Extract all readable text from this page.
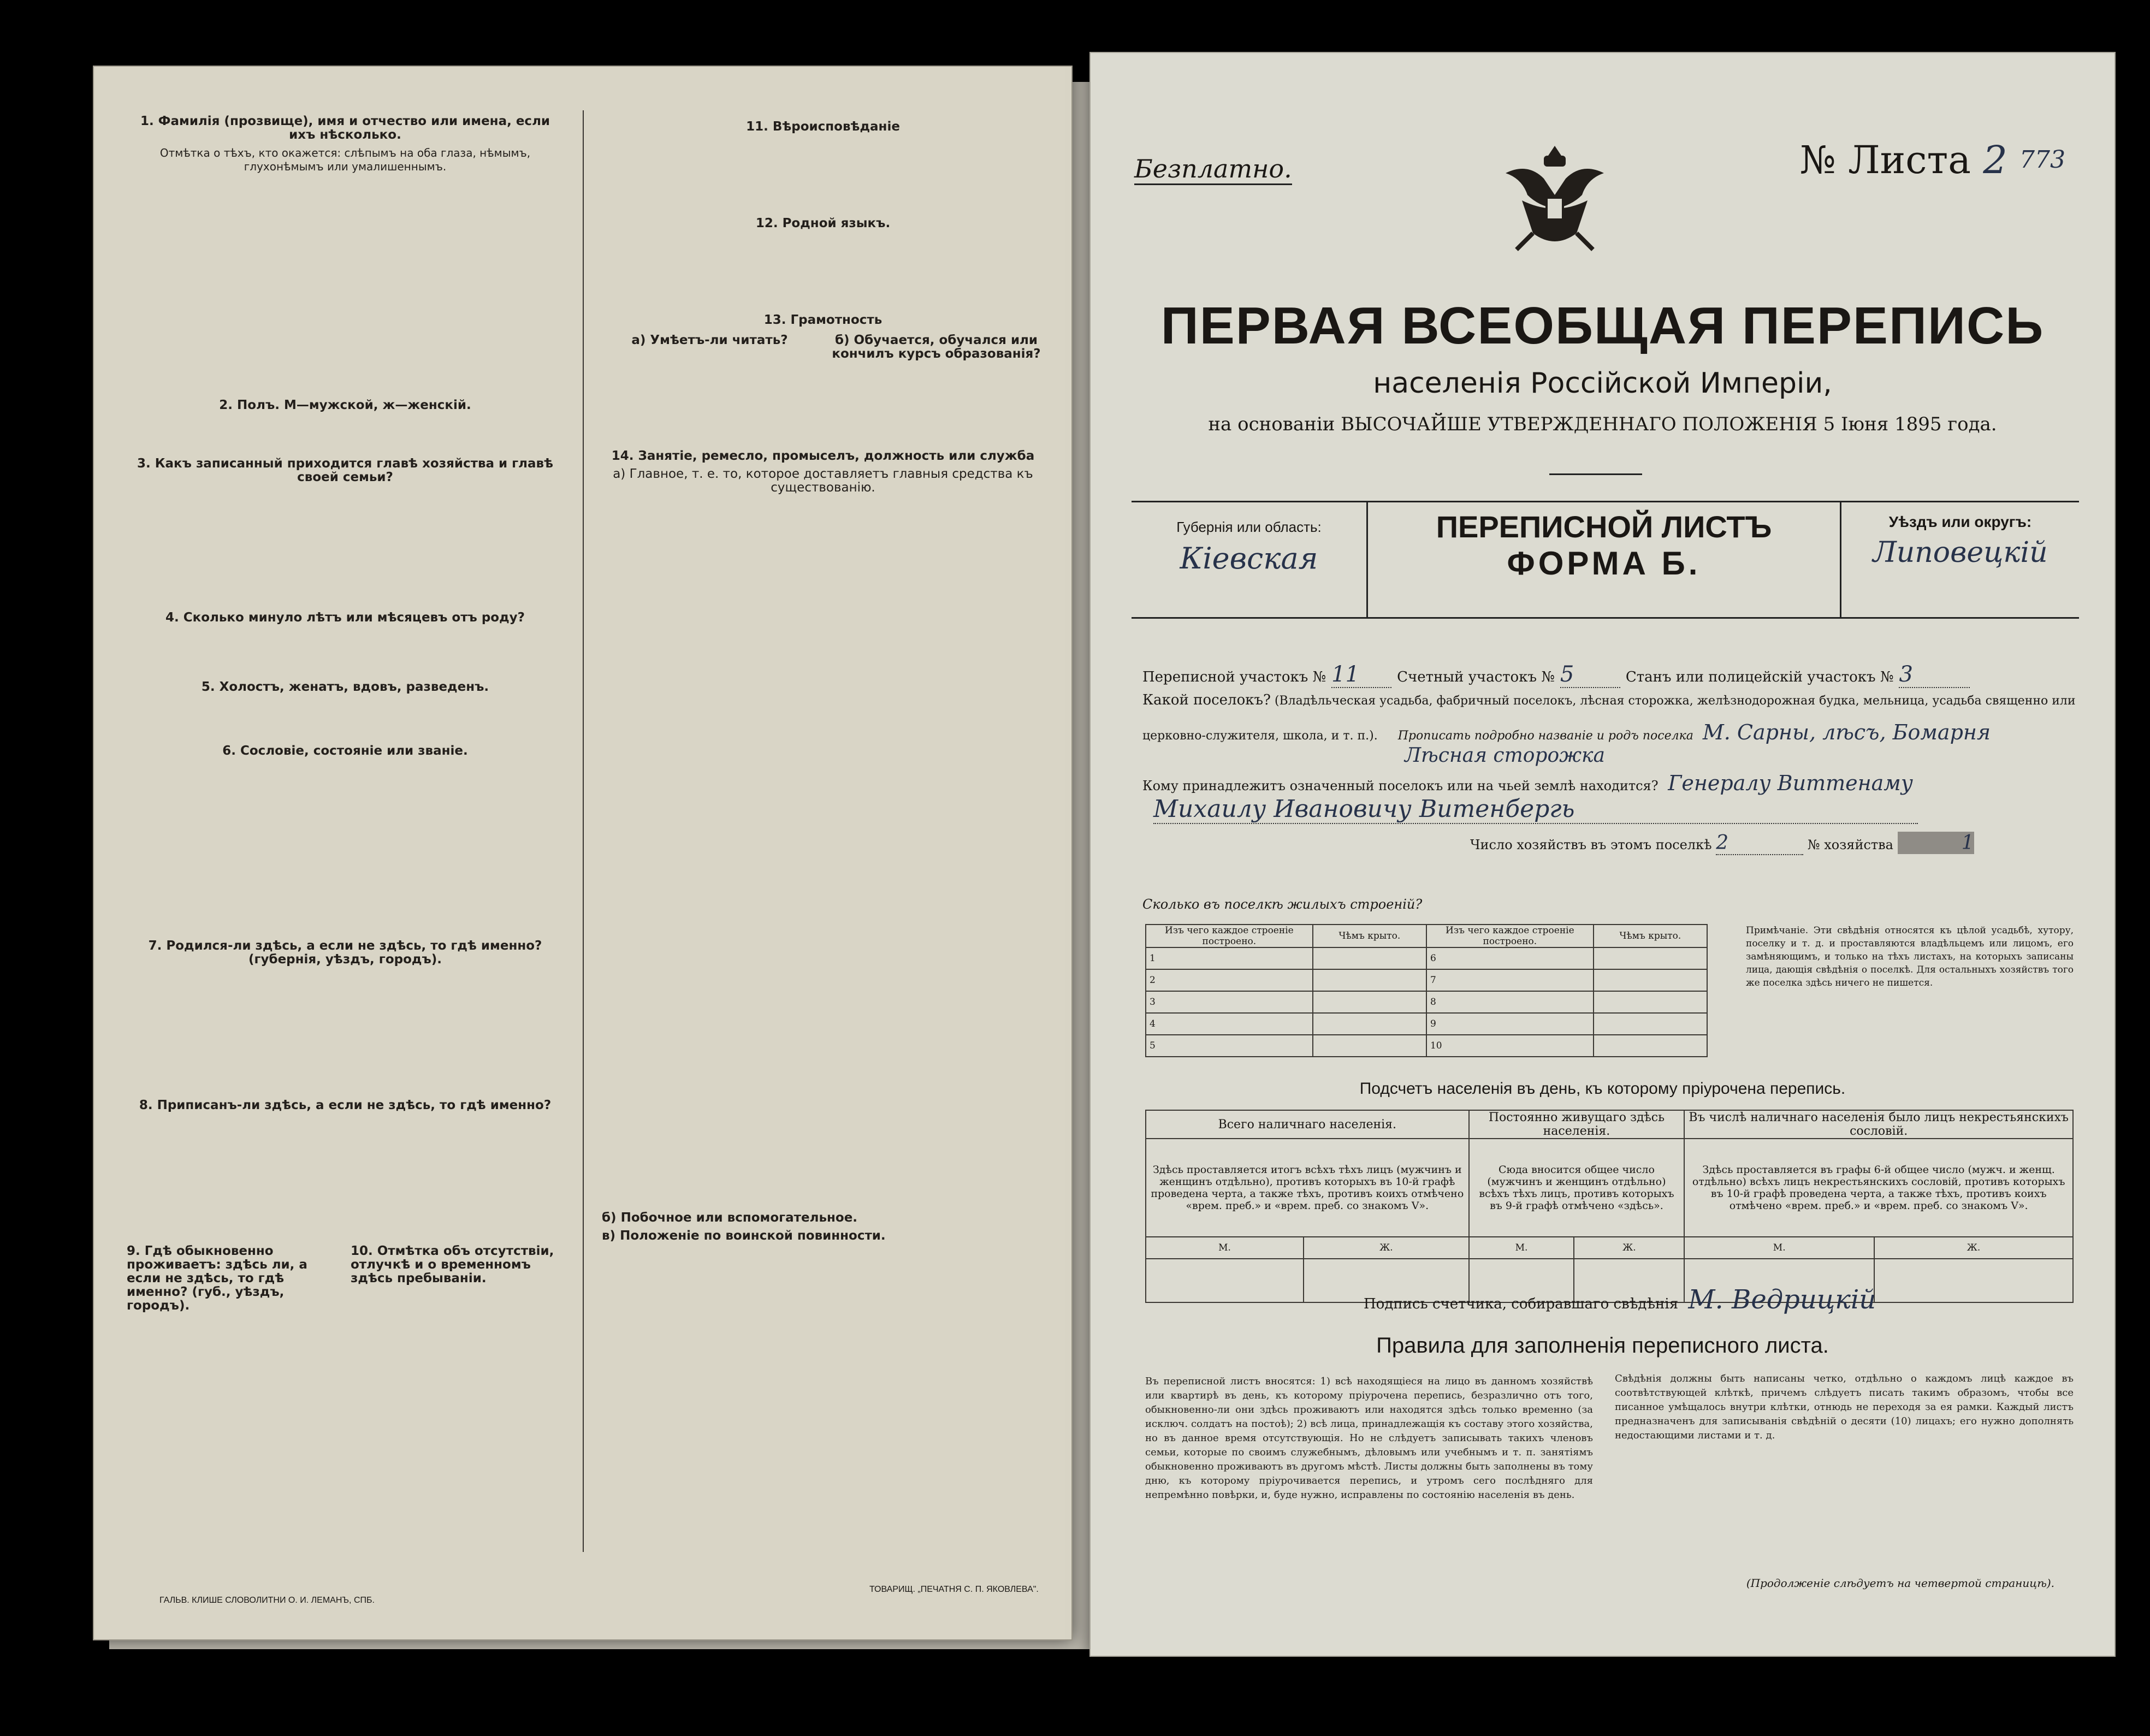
1. Фамилія (прозвище), имя и отчество или имена, если ихъ нѣсколько.
Отмѣтка о тѣхъ, кто окажется: слѣпымъ на оба глаза, нѣмымъ, глухонѣмымъ или умалишеннымъ.
2. Полъ. М—мужской, ж—женскій.
3. Какъ записанный приходится главѣ хозяйства и главѣ своей семьи?
4. Сколько минуло лѣтъ или мѣсяцевъ отъ роду?
5. Холостъ, женатъ, вдовъ, разведенъ.
6. Сословіе, состояніе или званіе.
7. Родился-ли здѣсь, а если не здѣсь, то гдѣ именно? (губернія, уѣздъ, городъ).
8. Приписанъ-ли здѣсь, а если не здѣсь, то гдѣ именно?
9. Гдѣ обыкновенно проживаетъ: здѣсь ли, а если не здѣсь, то гдѣ именно? (губ., уѣздъ, городъ).
10. Отмѣтка объ отсутствіи, отлучкѣ и о временномъ здѣсь пребываніи.
11. Вѣроисповѣданіе
12. Родной языкъ.
13. Грамотность
а) Умѣетъ-ли читать?	б) Обучается, обучался или кончилъ курсъ образованія?
14. Занятіе, ремесло, промыселъ, должность или служба
а) Главное, т. е. то, которое доставляетъ главныя средства къ существованію.
б) Побочное или вспомогательное.
в) Положеніе по воинской повинности.
ГАЛЬВ. КЛИШЕ СЛОВОЛИТНИ О. И. ЛЕМАНЪ, СПБ.
ТОВАРИЩ. „ПЕЧАТНЯ С. П. ЯКОВЛЕВА".
Безплатно.	№ Листа 2 773
ПЕРВАЯ ВСЕОБЩАЯ ПЕРЕПИСЬ
населенія Россійской Имперіи,
на основаніи ВЫСОЧАЙШЕ УТВЕРЖДЕННАГО ПОЛОЖЕНІЯ 5 Іюня 1895 года.
Губернія или область:
Кіевская
ПЕРЕПИСНОЙ ЛИСТЪ
ФОРМА Б.
Уѣздъ или округъ:
Липовецкій
Переписной участокъ № 11	Счетный участокъ № 5	Станъ или полицейскій участокъ № 3
Какой поселокъ? (Владѣльческая усадьба, фабричный поселокъ, лѣсная сторожка, желѣзнодорожная будка, мельница, усадьба священно или
церковно-служителя, школа, и т. п.). Прописать подробно названіе и родъ поселка М. Сарны, лѣсъ, Бомарня
Лѣсная сторожка
Кому принадлежитъ означенный поселокъ или на чьей землѣ находится? Генералу Виттенаму
Михаилу Ивановичу Витенбергь
Число хозяйствъ въ этомъ поселкѣ 2	№ хозяйства	1
Сколько въ поселкѣ жилыхъ строеній?
Изъ чего каждое строеніе построено.	Чѣмъ крыто.	Изъ чего каждое строеніе построено.	Чѣмъ крыто.
1		6	
2		7	
3		8	
4		9	
5		10	
Примѣчаніе. Эти свѣдѣнія относятся къ цѣлой усадьбѣ, хутору, поселку и т. д. и проставляются владѣльцемъ или лицомъ, его замѣняющимъ, и только на тѣхъ листахъ, на которыхъ записаны лица, дающія свѣдѣнія о поселкѣ. Для остальныхъ хозяйствъ того же поселка здѣсь ничего не пишется.
Подсчетъ населенія въ день, къ которому пріурочена перепись.
Всего наличнаго населенія.		Постоянно живущаго здѣсь населенія.		Въ числѣ наличнаго населенія было лицъ некрестьянскихъ сословій.	
Здѣсь проставляется итогъ всѣхъ тѣхъ лицъ (мужчинъ и женщинъ отдѣльно), противъ которыхъ въ 10-й графѣ проведена черта, а также тѣхъ, противъ коихъ отмѣчено «врем. преб.» и «врем. преб. со знакомъ V».		Сюда вносится общее число (мужчинъ и женщинъ отдѣльно) всѣхъ тѣхъ лицъ, противъ которыхъ въ 9-й графѣ отмѣчено «здѣсь».		Здѣсь проставляется въ графы 6-й общее число (мужч. и женщ. отдѣльно) всѣхъ лицъ некрестьянскихъ сословій, противъ которыхъ въ 10-й графѣ проведена черта, а также тѣхъ, противъ коихъ отмѣчено «врем. преб.» и «врем. преб. со знакомъ V».	
М.	Ж.	М.	Ж.	М.	Ж.

Подпись счетчика, собиравшаго свѣдѣнія М. Ведрицкій
Правила для заполненія переписного листа.
Въ переписной листъ вносятся: 1) всѣ находящіеся на лицо въ данномъ хозяйствѣ или квартирѣ въ день, къ которому пріурочена перепись, безразлично отъ того, обыкновенно-ли они здѣсь проживаютъ или находятся здѣсь только временно (за исключ. солдатъ на постоѣ); 2) всѣ лица, принадлежащія къ составу этого хозяйства, но въ данное время отсутствующія. Но не слѣдуетъ записывать такихъ членовъ семьи, которые по своимъ служебнымъ, дѣловымъ или учебнымъ и т. п. занятіямъ обыкновенно проживаютъ въ другомъ мѣстѣ. Листы должны быть заполнены въ тому дню, къ которому пріурочивается перепись, и утромъ сего послѣдняго для непремѣнно повѣрки, и, буде нужно, исправлены по состоянію населенія въ день.
Свѣдѣнія должны быть написаны четко, отдѣльно о каждомъ лицѣ каждое въ соотвѣтствующей клѣткѣ, причемъ слѣдуетъ писать такимъ образомъ, чтобы все писанное умѣщалось внутри клѣтки, отнюдь не переходя за ея рамки. Каждый листъ предназначенъ для записыванія свѣдѣній о десяти (10) лицахъ; его нужно дополнять недостающими листами и т. д.
(Продолженіе слѣдуетъ на четвертой страницѣ).
